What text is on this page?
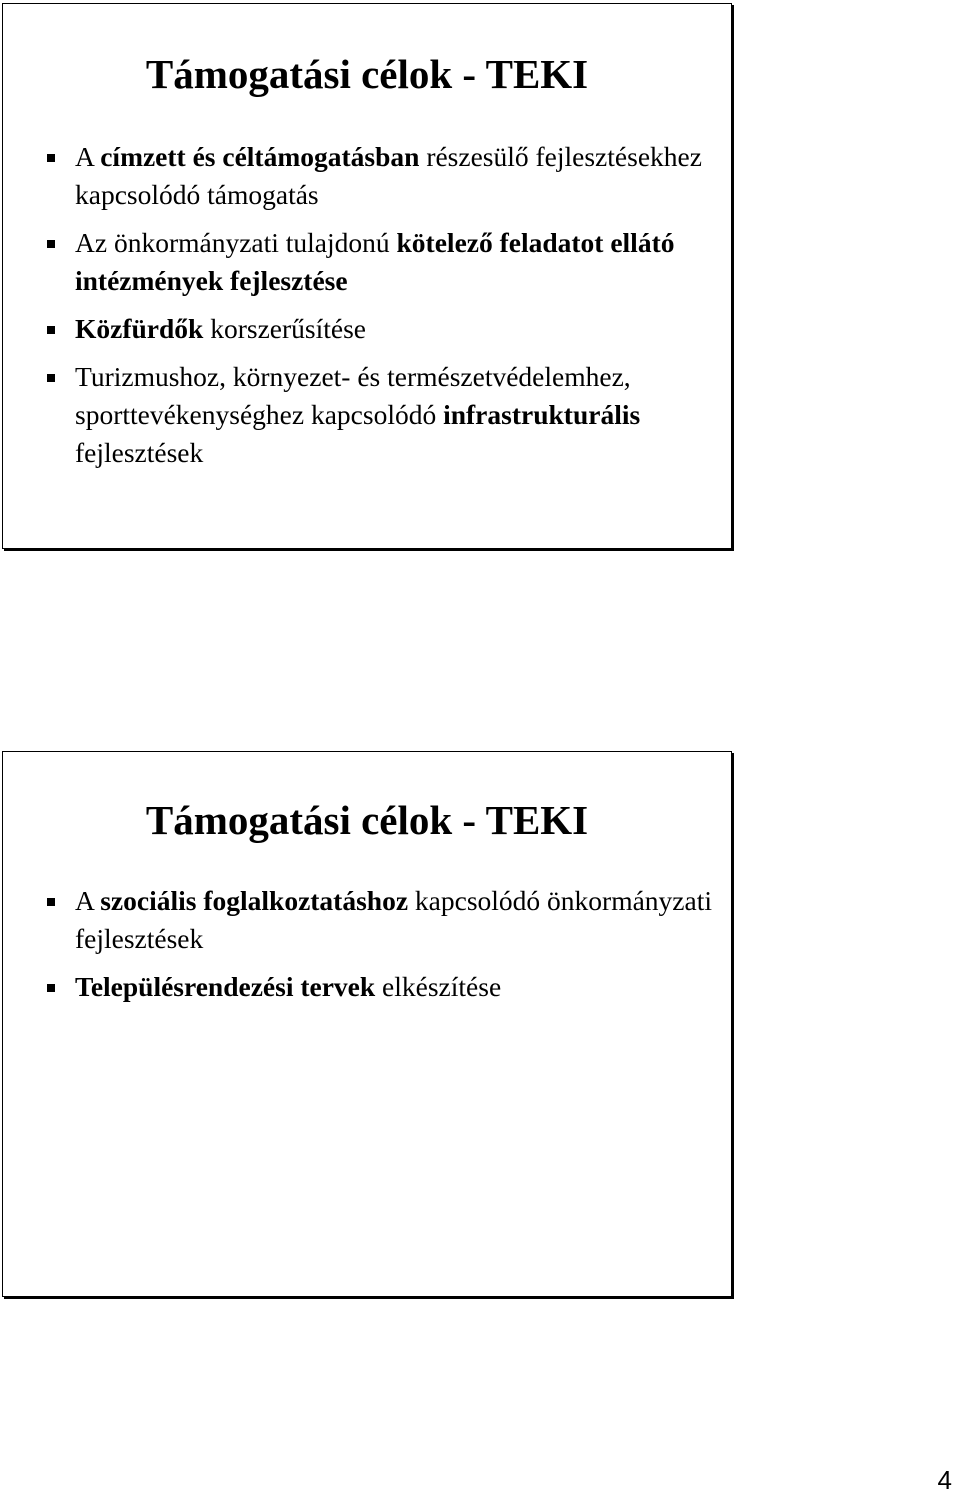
Támogatási célok - TEKI
A címzett és céltámogatásban részesülő fejlesztésekhez kapcsolódó támogatás
Az önkormányzati tulajdonú kötelező feladatot ellátó intézmények fejlesztése
Közfürdők korszerűsítése
Turizmushoz, környezet- és természetvédelemhez, sporttevékenységhez kapcsolódó infrastrukturális fejlesztések
Támogatási célok - TEKI
A szociális foglalkoztatáshoz kapcsolódó önkormányzati fejlesztések
Településrendezési tervek elkészítése
4
